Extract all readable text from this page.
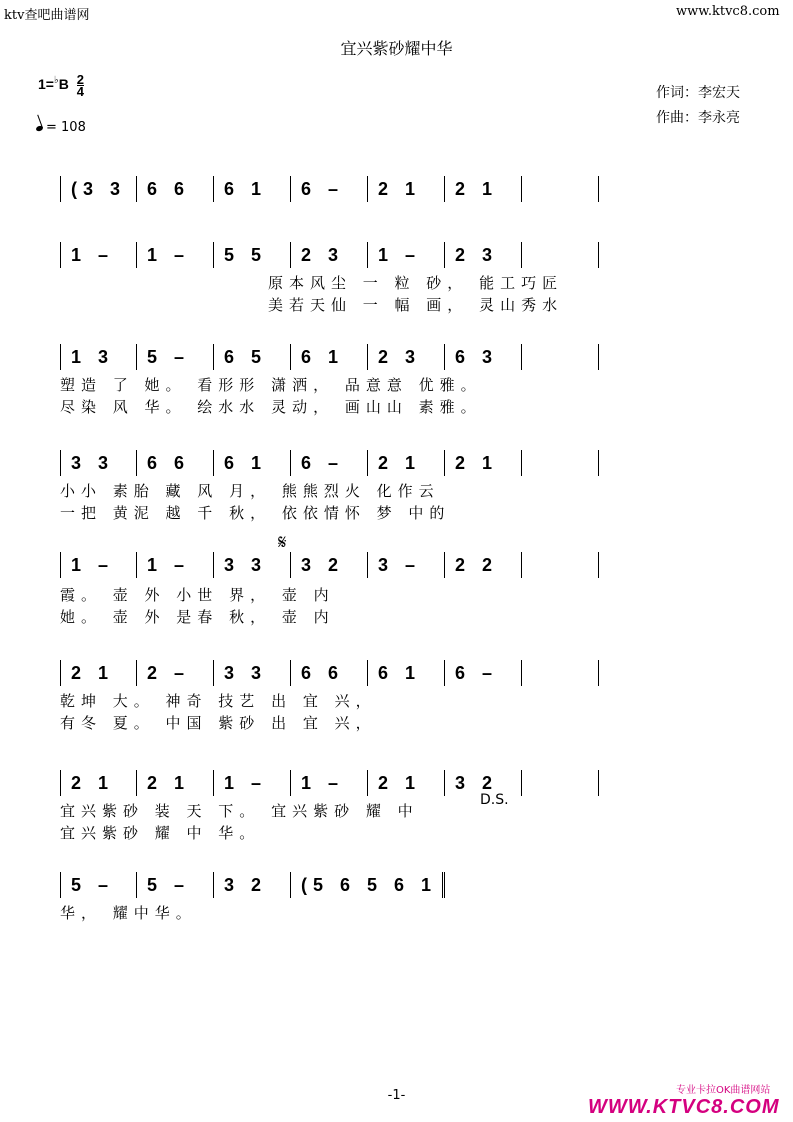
ktv查吧曲谱网	www.ktvc8.com
宜兴紫砂耀中华
$1=^♭B \frac{2}{4}$
= 108
作词：李宏天
作曲：李永亮
(3 3	6 6	6 1	6 –	2 1	2 1
1 –	1 –	5 5	2 3	1 –	2 3
原本风尘 一 粒 砂， 能工巧匠
美若天仙 一 幅 画， 灵山秀水
1 3	5 –	6 5	6 1	2 3	6 3
塑造 了 她。 看形形 潇洒， 品意意 优雅。
尽染 风 华。 绘水水 灵动， 画山山 素雅。
3 3	6 6	6 1	6 –	2 1	2 1
小小 素胎 藏 风 月， 熊熊烈火 化作云
一把 黄泥 越 千 秋， 依依情怀 梦 中的
𝄋
1 –	1 –	3 3	3 2	3 –	2 2
霞。 壶 外 小世 界， 壶 内
她。 壶 外 是春 秋， 壶 内
2 1	2 –	3 3	6 6	6 1	6 –
乾坤 大。 神奇 技艺 出 宜 兴，
有冬 夏。 中国 紫砂 出 宜 兴，
2 1	2 1	1 –	1 –	2 1	3 2
D.S.
宜兴紫砂 装 天 下。 宜兴紫砂 耀 中
宜兴紫砂 耀 中 华。
5 –	5 –	3 2	(5 6 5 6 1
华， 耀中华。
-1-	专业卡拉OK曲谱网站
WWW.KTVC8.COM
